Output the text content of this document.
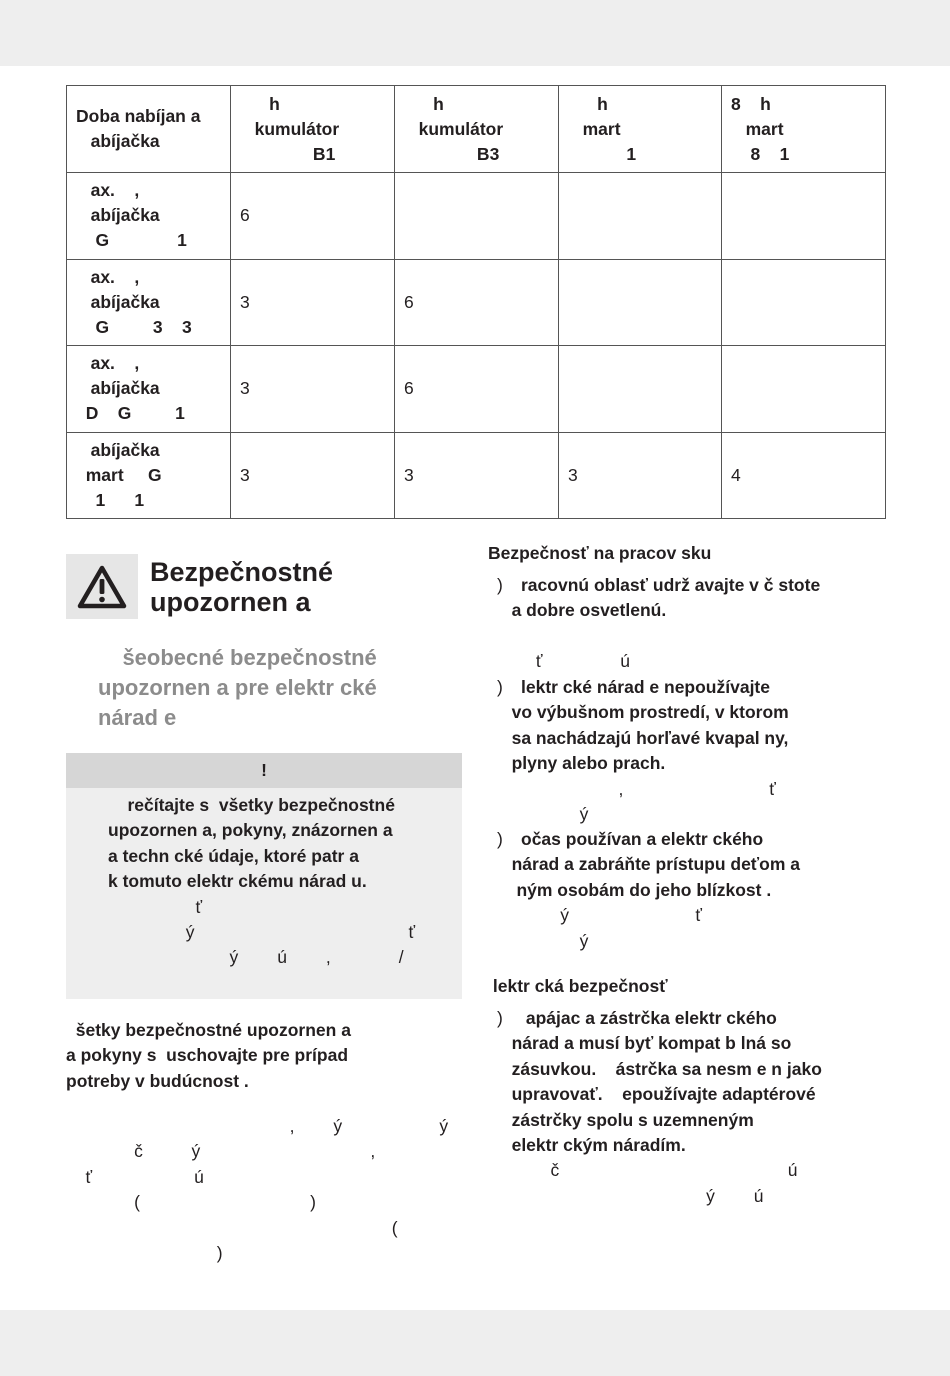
Doba nabíjan a
abíjačka	h
kumulátor
B1	h
kumulátor
B3	h
mart
1	8    h
mart
8    1
ax.    ,
abíjačka
G              1	6			
ax.    ,
abíjačka
G         3    3	3	6		
ax.    ,
abíjačka
D    G         1	3	6		
abíjačka
mart     G
1      1	3	3	3	4
Bezpečnostné
upozornen a
šeobecné bezpečnostné
upozornen a pre elektr cké
nárad e
!
rečítajte s  všetky bezpečnostné
upozornen a, pokyny, znázornen a
a techn cké údaje, ktoré patr a
k tomuto elektr ckému nárad u.
ť
ý                                            ť
ý        ú        ,              /
šetky bezpečnostné upozornen a
a pokyny s  uschovajte pre prípad
potreby v budúcnost .
,        ý                    ý
č          ý                                   ,
ť                     ú
(                                   )
(
)
Bezpečnosť na pracov sku
) racovnú oblasť udrž avajte v č stote
a dobre osvetlenú.

ť                ú
) lektr cké nárad e nepoužívajte
vo výbušnom prostredí, v ktorom
sa nachádzajú horľavé kvapal ny,
plyny alebo prach.
,                              ť
ý
) očas používan a elektr ckého
nárad a zabráňte prístupu deťom a
ným osobám do jeho blízkost .
ý                          ť
ý
lektr cká bezpečnosť
) apájac a zástrčka elektr ckého
nárad a musí byť kompat b lná so
zásuvkou.    ástrčka sa nesm e n jako
upravovať.    epoužívajte adaptérové
zástrčky spolu s uzemneným
elektr ckým náradím.
č                                               ú
ý        ú
